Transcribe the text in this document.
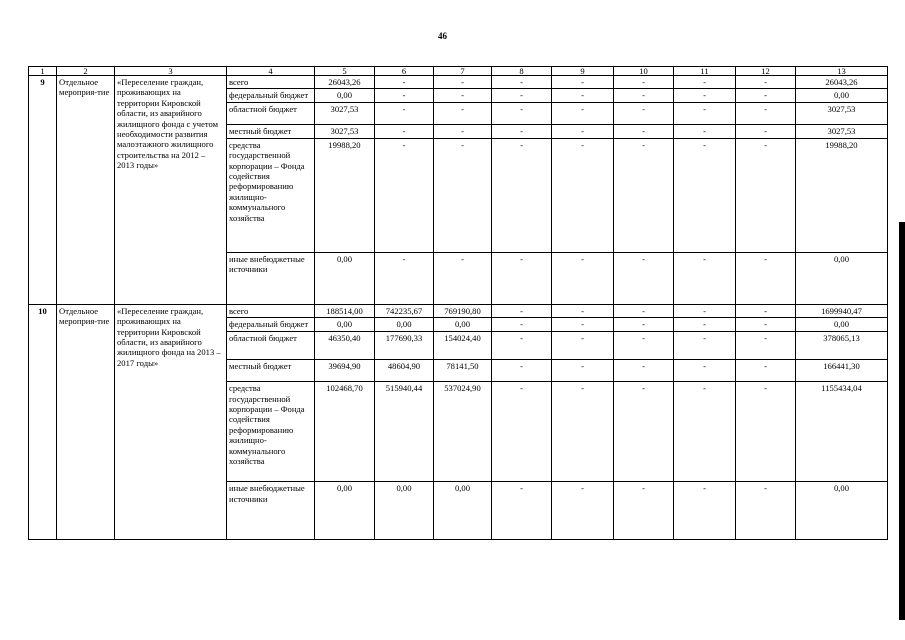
46
1	2	3	4	5	6	7	8	9	10	11	12	13
9	Отдельное мероприя-тие	«Переселение граждан, проживающих на территории Кировской области, из аварийного жилищного фонда с учетом необходимости развития малоэтажного жилищного строительства на 2012 – 2013 годы»	всего	26043,26	-	-	-	-	-	-	-	26043,26
			федеральный бюджет	0,00	-	-	-	-	-	-	-	0,00
			областной бюджет	3027,53	-	-	-	-	-	-	-	3027,53
			местный бюджет	3027,53	-	-	-	-	-	-	-	3027,53
			средства государственной корпорации – Фонда содействия реформированию жилищно-коммунального хозяйства	19988,20	-	-	-	-	-	-	-	19988,20
			иные внебюджетные источники	0,00	-	-	-	-	-	-	-	0,00
10	Отдельное мероприя-тие	«Переселение граждан, проживающих на территории Кировской области, из аварийного жилищного фонда на 2013 – 2017 годы»	всего	188514,00	742235,67	769190,80	-	-	-	-	-	1699940,47
			федеральный бюджет	0,00	0,00	0,00	-	-	-	-	-	0,00
			областной бюджет	46350,40	177690,33	154024,40	-	-	-	-	-	378065,13
			местный бюджет	39694,90	48604,90	78141,50	-	-	-	-	-	166441,30
			средства государственной корпорации – Фонда содействия реформированию жилищно-коммунального хозяйства	102468,70	515940,44	537024,90	-	-	-	-	-	1155434,04
			иные внебюджетные источники	0,00	0,00	0,00	-	-	-	-	-	0,00
